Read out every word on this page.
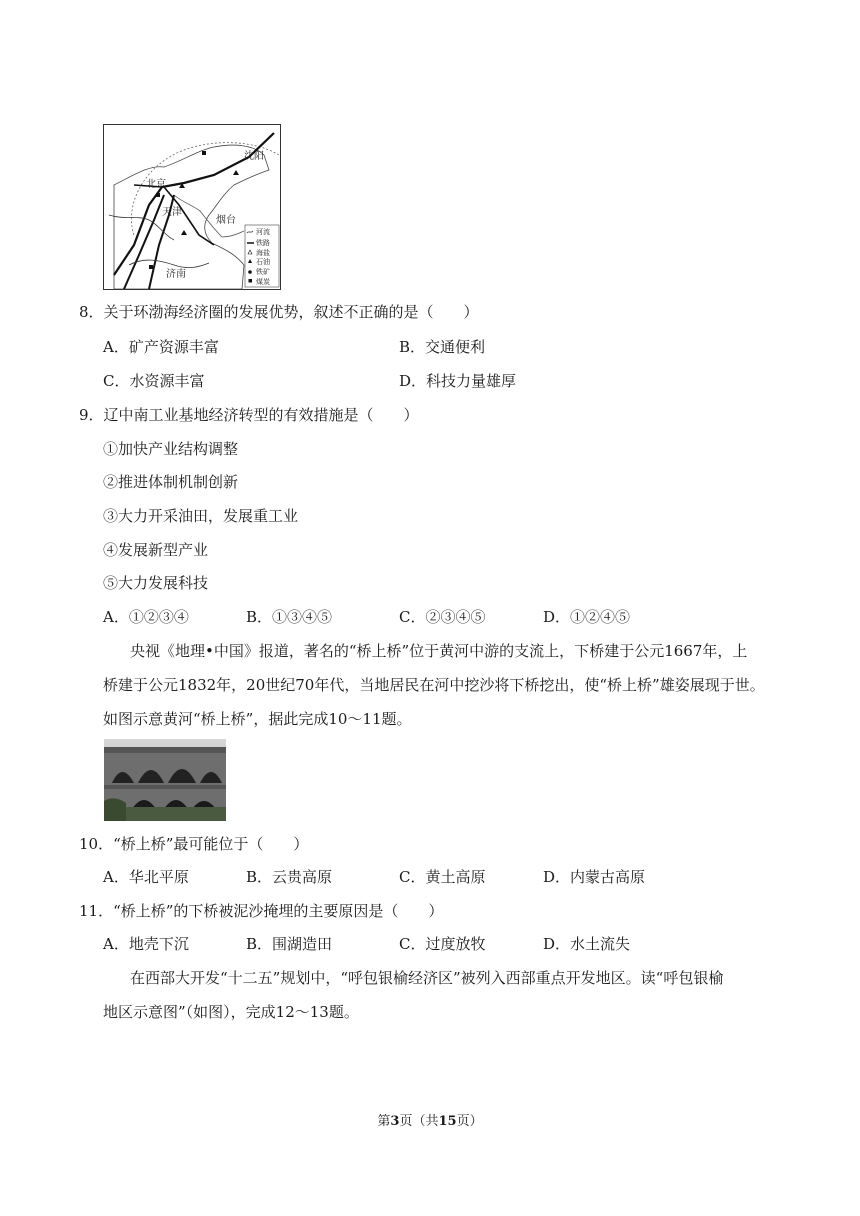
沈阳
北京
天津
烟台
济南
河流
铁路
海盐
石油
铁矿
煤炭
8．关于环渤海经济圈的发展优势，叙述不正确的是（　　）
A．矿产资源丰富	B．交通便利
C．水资源丰富	D．科技力量雄厚
9．辽中南工业基地经济转型的有效措施是（　　）
①加快产业结构调整
②推进体制机制创新
③大力开采油田，发展重工业
④发展新型产业
⑤大力发展科技
A．①②③④	B．①③④⑤	C．②③④⑤	D．①②④⑤
央视《地理•中国》报道，著名的“桥上桥”位于黄河中游的支流上，下桥建于公元1667年，上
桥建于公元1832年，20世纪70年代，当地居民在河中挖沙将下桥挖出，使“桥上桥”雄姿展现于世。
如图示意黄河“桥上桥”，据此完成10～11题。
10．“桥上桥”最可能位于（　　）
A．华北平原	B．云贵高原	C．黄土高原	D．内蒙古高原
11．“桥上桥”的下桥被泥沙掩埋的主要原因是（　　）
A．地壳下沉	B．围湖造田	C．过度放牧	D．水土流失
在西部大开发“十二五”规划中，“呼包银榆经济区”被列入西部重点开发地区。读“呼包银榆
地区示意图”（如图），完成12～13题。
第3页（共15页）
